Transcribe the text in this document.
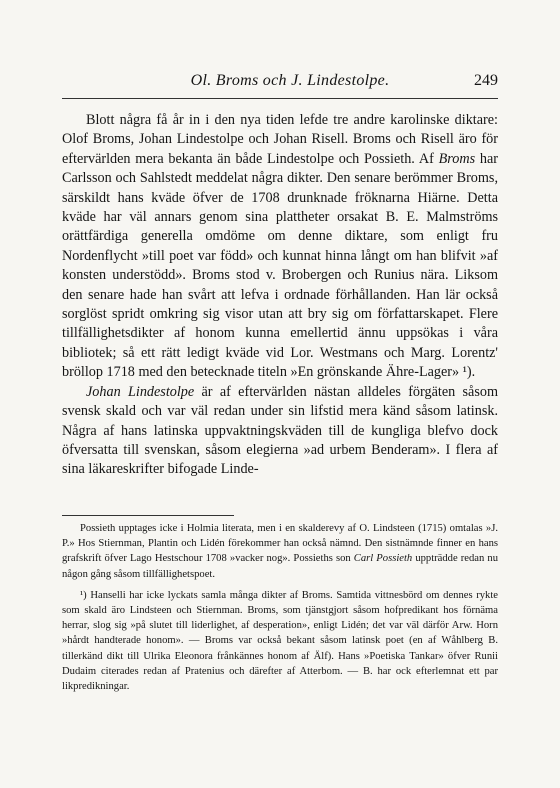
Ol. Broms och J. Lindestolpe.	249

Blott några få år in i den nya tiden lefde tre andre karolinske diktare: Olof Broms, Johan Lindestolpe och Johan Risell. Broms och Risell äro för eftervärlden mera bekanta än både Lindestolpe och Possieth. Af Broms har Carlsson och Sahlstedt meddelat några dikter. Den senare berömmer Broms, särskildt hans kväde öfver de 1708 drunknade fröknarna Hiärne. Detta kväde har väl annars genom sina plattheter orsakat B. E. Malmströms orättfärdiga generella omdöme om denne diktare, som enligt fru Nordenflycht »till poet var född» och kunnat hinna långt om han blifvit »af konsten understödd». Broms stod v. Brobergen och Runius nära. Liksom den senare hade han svårt att lefva i ordnade förhållanden. Han lär också sorglöst spridt omkring sig visor utan att bry sig om författarskapet. Flere tillfällighetsdikter af honom kunna emellertid ännu uppsökas i våra bibliotek; så ett rätt ledigt kväde vid Lor. Westmans och Marg. Lorentz' bröllop 1718 med den betecknade titeln »En grönskande Ähre-Lager» ¹).

Johan Lindestolpe är af eftervärlden nästan alldeles förgäten såsom svensk skald och var väl redan under sin lifstid mera känd såsom latinsk. Några af hans latinska uppvaktningskväden till de kungliga blefvo dock öfversatta till svenskan, såsom elegierna »ad urbem Benderam». I flera af sina läkareskrifter bifogade Linde-

Possieth upptages icke i Holmia literata, men i en skalderevy af O. Lindsteen (1715) omtalas »J. P.» Hos Stiernman, Plantin och Lidén förekommer han också nämnd. Den sistnämnde finner en hans grafskrift öfver Lago Hestschour 1708 »vacker nog». Possieths son Carl Possieth uppträdde redan nu någon gång såsom tillfällighetspoet.

¹) Hanselli har icke lyckats samla många dikter af Broms. Samtida vittnesbörd om dennes rykte som skald äro Lindsteen och Stiernman. Broms, som tjänstgjort såsom hofpredikant hos förnäma herrar, slog sig »på slutet till liderlighet, af desperation», enligt Lidén; det var väl därför Arw. Horn »hårdt handterade honom». — Broms var också bekant såsom latinsk poet (en af Wåhlberg B. tillerkänd dikt till Ulrika Eleonora frånkännes honom af Älf). Hans »Poetiska Tankar» öfver Runii Dudaim citerades redan af Pratenius och därefter af Atterbom. — B. har ock efterlemnat ett par likpredikningar.
